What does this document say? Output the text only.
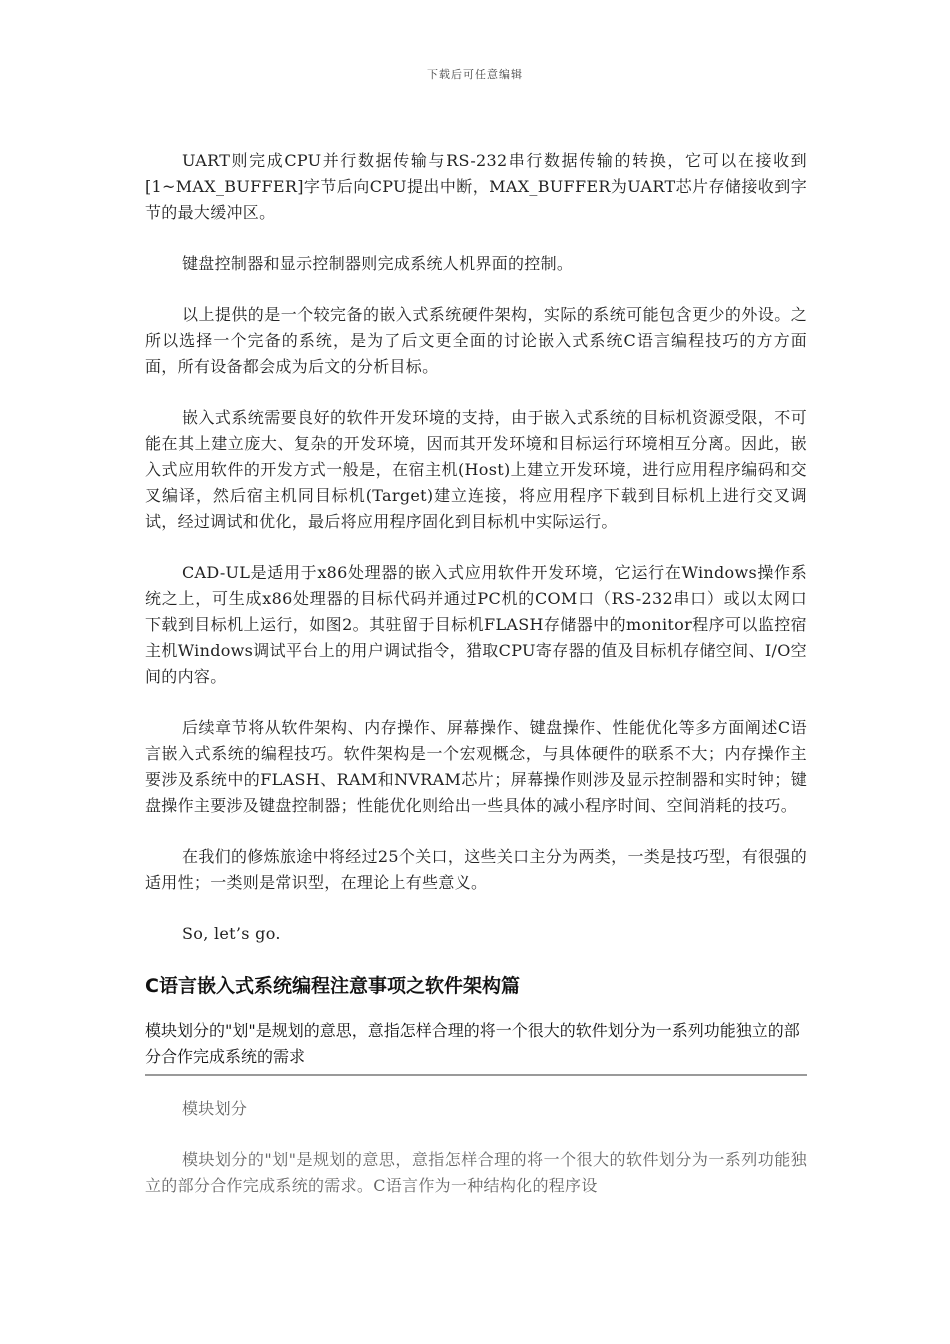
下载后可任意编辑

UART则完成CPU并行数据传输与RS-232串行数据传输的转换，它可以在接收到[1~MAX_BUFFER]字节后向CPU提出中断，MAX_BUFFER为UART芯片存储接收到字节的最大缓冲区。

键盘控制器和显示控制器则完成系统人机界面的控制。

以上提供的是一个较完备的嵌入式系统硬件架构，实际的系统可能包含更少的外设。之所以选择一个完备的系统，是为了后文更全面的讨论嵌入式系统C语言编程技巧的方方面面，所有设备都会成为后文的分析目标。

嵌入式系统需要良好的软件开发环境的支持，由于嵌入式系统的目标机资源受限，不可能在其上建立庞大、复杂的开发环境，因而其开发环境和目标运行环境相互分离。因此，嵌入式应用软件的开发方式一般是，在宿主机(Host)上建立开发环境，进行应用程序编码和交叉编译，然后宿主机同目标机(Target)建立连接，将应用程序下载到目标机上进行交叉调试，经过调试和优化，最后将应用程序固化到目标机中实际运行。

CAD-UL是适用于x86处理器的嵌入式应用软件开发环境，它运行在Windows操作系统之上，可生成x86处理器的目标代码并通过PC机的COM口（RS-232串口）或以太网口下载到目标机上运行，如图2。其驻留于目标机FLASH存储器中的monitor程序可以监控宿主机Windows调试平台上的用户调试指令，猎取CPU寄存器的值及目标机存储空间、I/O空间的内容。

后续章节将从软件架构、内存操作、屏幕操作、键盘操作、性能优化等多方面阐述C语言嵌入式系统的编程技巧。软件架构是一个宏观概念，与具体硬件的联系不大；内存操作主要涉及系统中的FLASH、RAM和NVRAM芯片；屏幕操作则涉及显示控制器和实时钟；键盘操作主要涉及键盘控制器；性能优化则给出一些具体的减小程序时间、空间消耗的技巧。

在我们的修炼旅途中将经过25个关口，这些关口主分为两类，一类是技巧型，有很强的适用性；一类则是常识型，在理论上有些意义。

So, let’s go.

C语言嵌入式系统编程注意事项之软件架构篇
模块划分的"划"是规划的意思，意指怎样合理的将一个很大的软件划分为一系列功能独立的部分合作完成系统的需求

模块划分

模块划分的"划"是规划的意思，意指怎样合理的将一个很大的软件划分为一系列功能独立的部分合作完成系统的需求。C语言作为一种结构化的程序设
